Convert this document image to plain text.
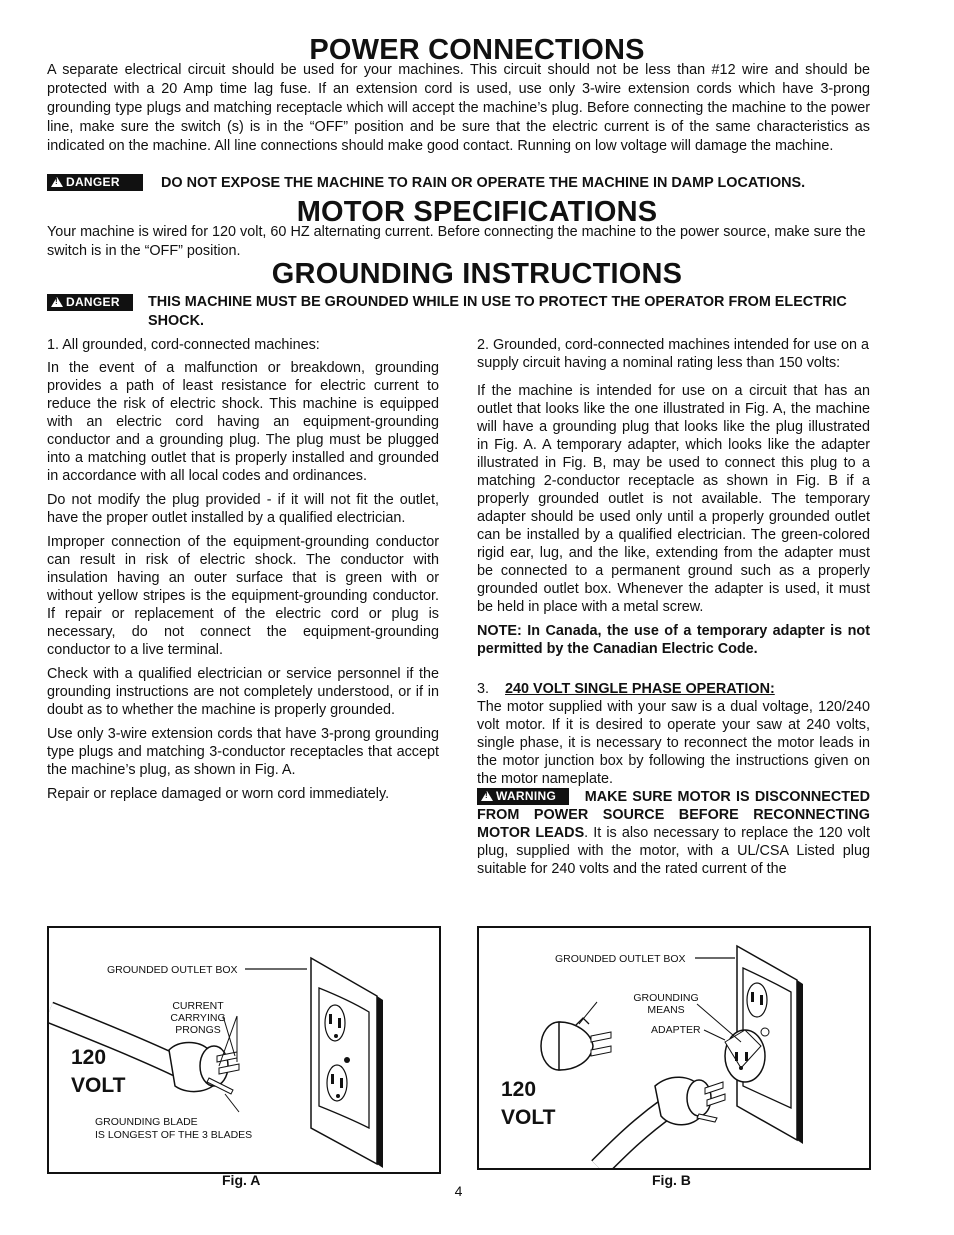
POWER CONNECTIONS

A separate electrical circuit should be used for your machines. This circuit should not be less than #12 wire and should be protected with a 20 Amp time lag fuse. If an extension cord is used, use only 3-wire extension cords which have 3-prong grounding type plugs and matching receptacle which will accept the machine’s plug. Before connecting the machine to the power line, make sure the switch (s) is in the “OFF” position and be sure that the electric current is of the same characteristics as indicated on the machine. All line connections should make good contact. Running on low voltage will damage the machine.

!DANGER	DO NOT EXPOSE THE MACHINE TO RAIN OR OPERATE THE MACHINE IN DAMP LOCATIONS.
MOTOR SPECIFICATIONS

Your machine is wired for 120 volt, 60 HZ alternating current. Before connecting the machine to the power source, make sure the switch is in the “OFF” position.

GROUNDING INSTRUCTIONS
!DANGER	THIS MACHINE MUST BE GROUNDED WHILE IN USE TO PROTECT THE OPERATOR FROM ELECTRIC SHOCK.

1. All grounded, cord-connected machines:

In the event of a malfunction or breakdown, grounding provides a path of least resistance for electric current to reduce the risk of electric shock. This machine is equipped with an electric cord having an equipment-grounding conductor and a grounding plug. The plug must be plugged into a matching outlet that is properly installed and grounded in accordance with all local codes and ordinances.

Do not modify the plug provided - if it will not fit the outlet, have the proper outlet installed by a qualified electrician.

Improper connection of the equipment-grounding conductor can result in risk of electric shock. The conductor with insulation having an outer surface that is green with or without yellow stripes is the equipment-grounding conductor. If repair or replacement of the electric cord or plug is necessary, do not connect the equipment-grounding conductor to a live terminal.

Check with a qualified electrician or service personnel if the grounding instructions are not completely understood, or if in doubt as to whether the machine is properly grounded.

Use only 3-wire extension cords that have 3-prong grounding type plugs and matching 3-conductor receptacles that accept the machine’s plug, as shown in Fig. A.

Repair or replace damaged or worn cord immediately.

2. Grounded, cord-connected machines intended for use on a supply circuit having a nominal rating less than 150 volts:

If the machine is intended for use on a circuit that has an outlet that looks like the one illustrated in Fig. A, the machine will have a grounding plug that looks like the plug illustrated in Fig. A. A temporary adapter, which looks like the adapter illustrated in Fig. B, may be used to connect this plug to a matching 2-conductor receptacle as shown in Fig. B if a properly grounded outlet is not available. The temporary adapter should be used only until a properly grounded outlet can be installed by a qualified electrician. The green-colored rigid ear, lug, and the like, extending from the adapter must be connected to a permanent ground such as a properly grounded outlet box. Whenever the adapter is used, it must be held in place with a metal screw.

NOTE: In Canada, the use of a temporary adapter is not permitted by the Canadian Electric Code.

3. 240 VOLT SINGLE PHASE OPERATION:

The motor supplied with your saw is a dual voltage, 120/240 volt motor. If it is desired to operate your saw at 240 volts, single phase, it is necessary to reconnect the motor leads in the motor junction box by following the instructions given on the motor nameplate.

!WARNING MAKE SURE MOTOR IS DISCONNECTED FROM POWER SOURCE BEFORE RECONNECTING MOTOR LEADS. It is also necessary to replace the 120 volt plug, supplied with the motor, with a UL/CSA Listed plug suitable for 240 volts and the rated current of the

GROUNDED OUTLET BOX
CURRENT CARRYING PRONGS
GROUNDING BLADE
IS LONGEST OF THE 3 BLADES
120
VOLT
Fig. A
GROUNDED OUTLET BOX
GROUNDING
MEANS
ADAPTER
120
VOLT
Fig. B
4
